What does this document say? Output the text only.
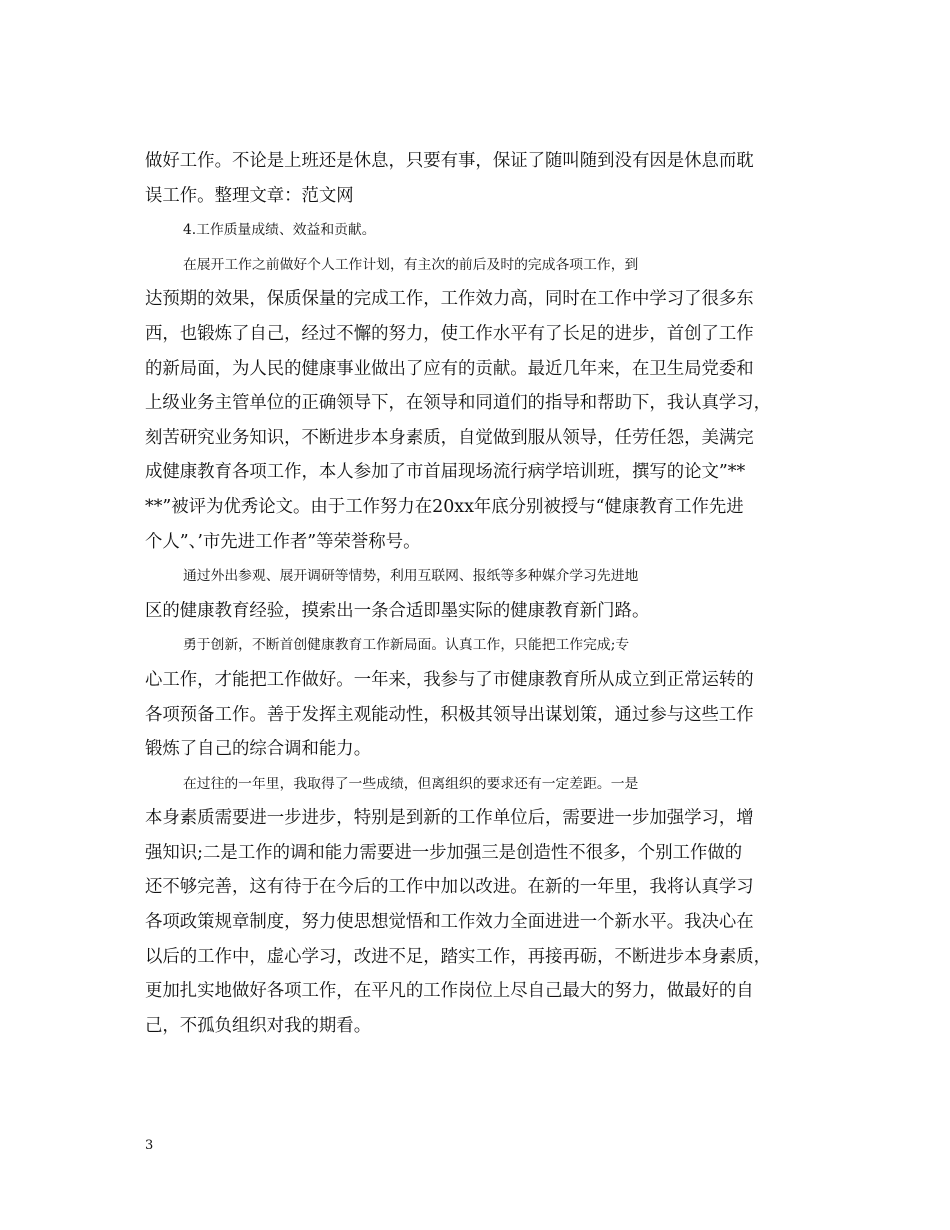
做好工作。不论是上班还是休息，只要有事，保证了随叫随到没有因是休息而耽
误工作。整理文章：范文网
4.工作质量成绩、效益和贡献。
在展开工作之前做好个人工作计划，有主次的前后及时的完成各项工作，到
达预期的效果，保质保量的完成工作，工作效力高，同时在工作中学习了很多东
西，也锻炼了自己，经过不懈的努力，使工作水平有了长足的进步，首创了工作
的新局面，为人民的健康事业做出了应有的贡献。最近几年来，在卫生局党委和
上级业务主管单位的正确领导下，在领导和同道们的指导和帮助下，我认真学习，
刻苦研究业务知识，不断进步本身素质，自觉做到服从领导，任劳任怨，美满完
成健康教育各项工作，本人参加了市首届现场流行病学培训班，撰写的论文”**
**”被评为优秀论文。由于工作努力在20xx年底分别被授与“健康教育工作先进
个人”、’市先进工作者”等荣誉称号。
通过外出参观、展开调研等情势，利用互联网、报纸等多种媒介学习先进地
区的健康教育经验，摸索出一条合适即墨实际的健康教育新门路。
勇于创新，不断首创健康教育工作新局面。认真工作，只能把工作完成;专
心工作，才能把工作做好。一年来，我参与了市健康教育所从成立到正常运转的
各项预备工作。善于发挥主观能动性，积极其领导出谋划策，通过参与这些工作
锻炼了自己的综合调和能力。
在过往的一年里，我取得了一些成绩，但离组织的要求还有一定差距。一是
本身素质需要进一步进步，特别是到新的工作单位后，需要进一步加强学习，增
强知识;二是工作的调和能力需要进一步加强三是创造性不很多，个别工作做的
还不够完善，这有待于在今后的工作中加以改进。在新的一年里，我将认真学习
各项政策规章制度，努力使思想觉悟和工作效力全面进进一个新水平。我决心在
以后的工作中，虚心学习，改进不足，踏实工作，再接再砺，不断进步本身素质，
更加扎实地做好各项工作，在平凡的工作岗位上尽自己最大的努力，做最好的自
己，不孤负组织对我的期看。
3
